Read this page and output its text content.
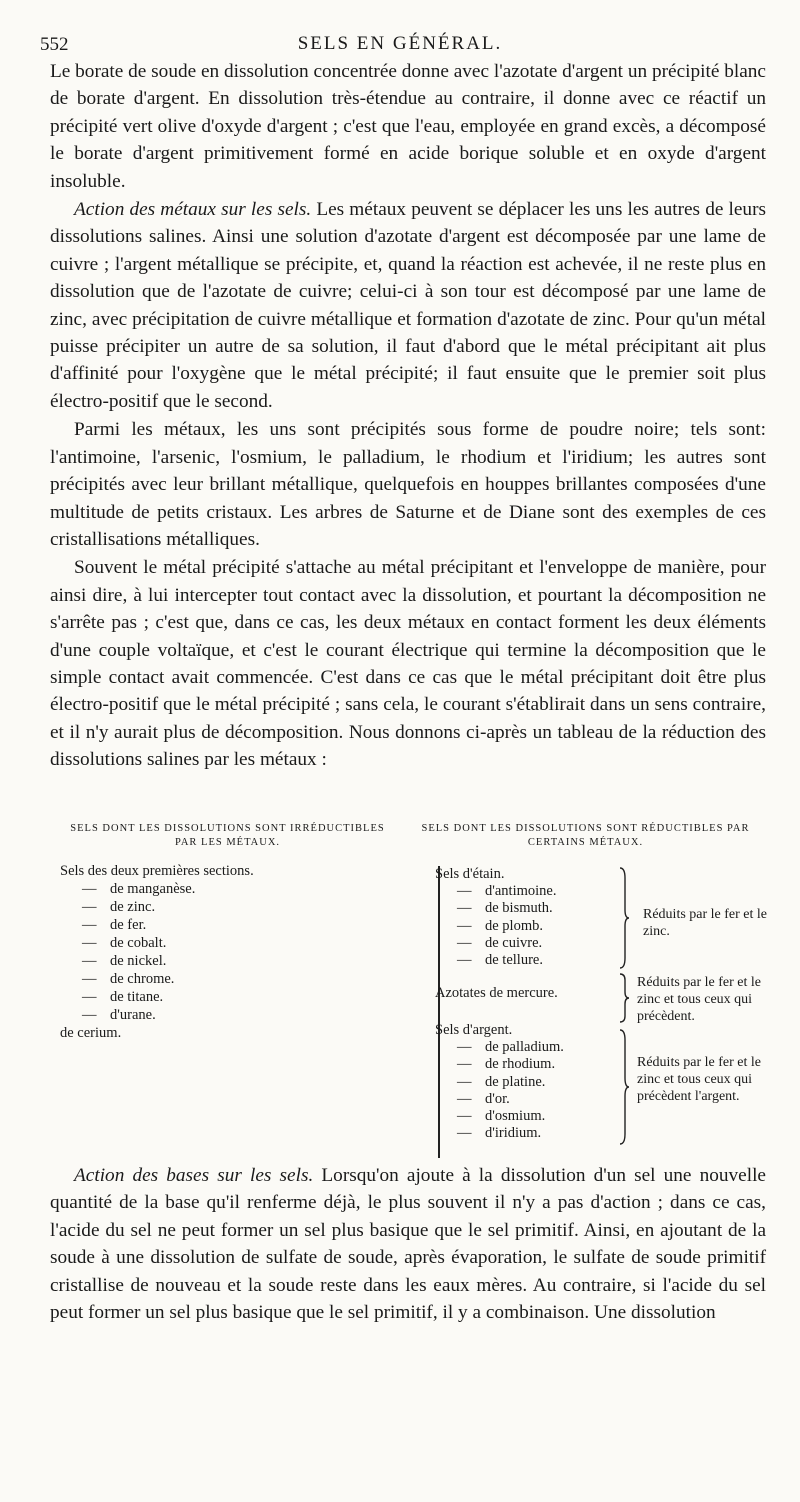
552	SELS EN GÉNÉRAL.

Le borate de soude en dissolution concentrée donne avec l'azotate d'argent un précipité blanc de borate d'argent. En dissolution très-étendue au contraire, il donne avec ce réactif un précipité vert olive d'oxyde d'argent ; c'est que l'eau, employée en grand excès, a décomposé le borate d'argent primitivement formé en acide borique soluble et en oxyde d'argent insoluble.

Action des métaux sur les sels. Les métaux peuvent se déplacer les uns les autres de leurs dissolutions salines. Ainsi une solution d'azotate d'argent est décomposée par une lame de cuivre ; l'argent métallique se précipite, et, quand la réaction est achevée, il ne reste plus en dissolution que de l'azotate de cuivre; celui-ci à son tour est décomposé par une lame de zinc, avec précipitation de cuivre métallique et formation d'azotate de zinc. Pour qu'un métal puisse précipiter un autre de sa solution, il faut d'abord que le métal précipitant ait plus d'affinité pour l'oxygène que le métal précipité; il faut ensuite que le premier soit plus électro-positif que le second.

Parmi les métaux, les uns sont précipités sous forme de poudre noire; tels sont: l'antimoine, l'arsenic, l'osmium, le palladium, le rhodium et l'iridium; les autres sont précipités avec leur brillant métallique, quelquefois en houppes brillantes composées d'une multitude de petits cristaux. Les arbres de Saturne et de Diane sont des exemples de ces cristallisations métalliques.

Souvent le métal précipité s'attache au métal précipitant et l'enveloppe de manière, pour ainsi dire, à lui intercepter tout contact avec la dissolution, et pourtant la décomposition ne s'arrête pas ; c'est que, dans ce cas, les deux métaux en contact forment les deux éléments d'une couple voltaïque, et c'est le courant électrique qui termine la décomposition que le simple contact avait commencée. C'est dans ce cas que le métal précipitant doit être plus électro-positif que le métal précipité ; sans cela, le courant s'établirait dans un sens contraire, et il n'y aurait plus de décomposition. Nous donnons ci-après un tableau de la réduction des dissolutions salines par les métaux :

SELS DONT LES DISSOLUTIONS SONT IRRÉDUCTIBLES PAR LES MÉTAUX.
Sels des deux premières sections.
— de manganèse.
— de zinc.
— de fer.
— de cobalt.
— de nickel.
— de chrome.
— de titane.
— d'urane.
de cerium.
SELS DONT LES DISSOLUTIONS SONT RÉDUCTIBLES PAR CERTAINS MÉTAUX.
Sels d'étain.
— d'antimoine.
— de bismuth.
— de plomb.
— de cuivre.
— de tellure.
Réduits par le fer et le zinc.
Azotates de mercure.
Réduits par le fer et le zinc et tous ceux qui précèdent.
Sels d'argent.
— de palladium.
— de rhodium.
— de platine.
— d'or.
— d'osmium.
— d'iridium.
Réduits par le fer et le zinc et tous ceux qui précèdent l'argent.

Action des bases sur les sels. Lorsqu'on ajoute à la dissolution d'un sel une nouvelle quantité de la base qu'il renferme déjà, le plus souvent il n'y a pas d'action ; dans ce cas, l'acide du sel ne peut former un sel plus basique que le sel primitif. Ainsi, en ajoutant de la soude à une dissolution de sulfate de soude, après évaporation, le sulfate de soude primitif cristallise de nouveau et la soude reste dans les eaux mères. Au contraire, si l'acide du sel peut former un sel plus basique que le sel primitif, il y a combinaison. Une dissolution
